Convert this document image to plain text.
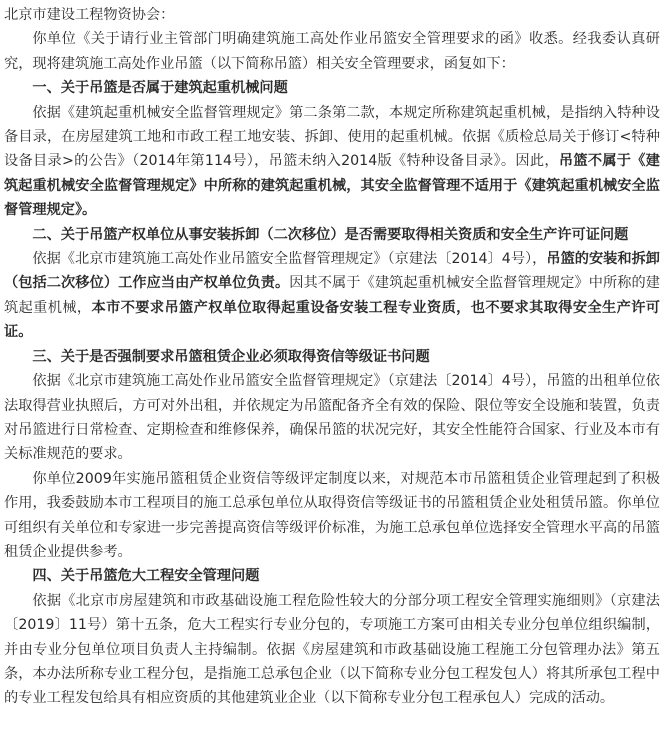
北京市建设工程物资协会：

你单位《关于请行业主管部门明确建筑施工高处作业吊篮安全管理要求的函》收悉。经我委认真研究，现将建筑施工高处作业吊篮（以下简称吊篮）相关安全管理要求，函复如下：

一、关于吊篮是否属于建筑起重机械问题

依据《建筑起重机械安全监督管理规定》第二条第二款，本规定所称建筑起重机械，是指纳入特种设备目录，在房屋建筑工地和市政工程工地安装、拆卸、使用的起重机械。依据《质检总局关于修订<特种设备目录>的公告》（2014年第114号），吊篮未纳入2014版《特种设备目录》。因此，吊篮不属于《建筑起重机械安全监督管理规定》中所称的建筑起重机械，其安全监督管理不适用于《建筑起重机械安全监督管理规定》。

二、关于吊篮产权单位从事安装拆卸（二次移位）是否需要取得相关资质和安全生产许可证问题

依据《北京市建筑施工高处作业吊篮安全监督管理规定》（京建法〔2014〕4号），吊篮的安装和拆卸（包括二次移位）工作应当由产权单位负责。因其不属于《建筑起重机械安全监督管理规定》中所称的建筑起重机械，本市不要求吊篮产权单位取得起重设备安装工程专业资质，也不要求其取得安全生产许可证。

三、关于是否强制要求吊篮租赁企业必须取得资信等级证书问题

依据《北京市建筑施工高处作业吊篮安全监督管理规定》（京建法〔2014〕4号），吊篮的出租单位依法取得营业执照后，方可对外出租，并依规定为吊篮配备齐全有效的保险、限位等安全设施和装置，负责对吊篮进行日常检查、定期检查和维修保养，确保吊篮的状况完好，其安全性能符合国家、行业及本市有关标准规范的要求。

你单位2009年实施吊篮租赁企业资信等级评定制度以来，对规范本市吊篮租赁企业管理起到了积极作用，我委鼓励本市工程项目的施工总承包单位从取得资信等级证书的吊篮租赁企业处租赁吊篮。你单位可组织有关单位和专家进一步完善提高资信等级评价标准，为施工总承包单位选择安全管理水平高的吊篮租赁企业提供参考。

四、关于吊篮危大工程安全管理问题

依据《北京市房屋建筑和市政基础设施工程危险性较大的分部分项工程安全管理实施细则》（京建法〔2019〕11号）第十五条，危大工程实行专业分包的，专项施工方案可由相关专业分包单位组织编制，并由专业分包单位项目负责人主持编制。依据《房屋建筑和市政基础设施工程施工分包管理办法》第五条，本办法所称专业工程分包，是指施工总承包企业（以下简称专业分包工程发包人）将其所承包工程中的专业工程发包给具有相应资质的其他建筑业企业（以下简称专业分包工程承包人）完成的活动。
